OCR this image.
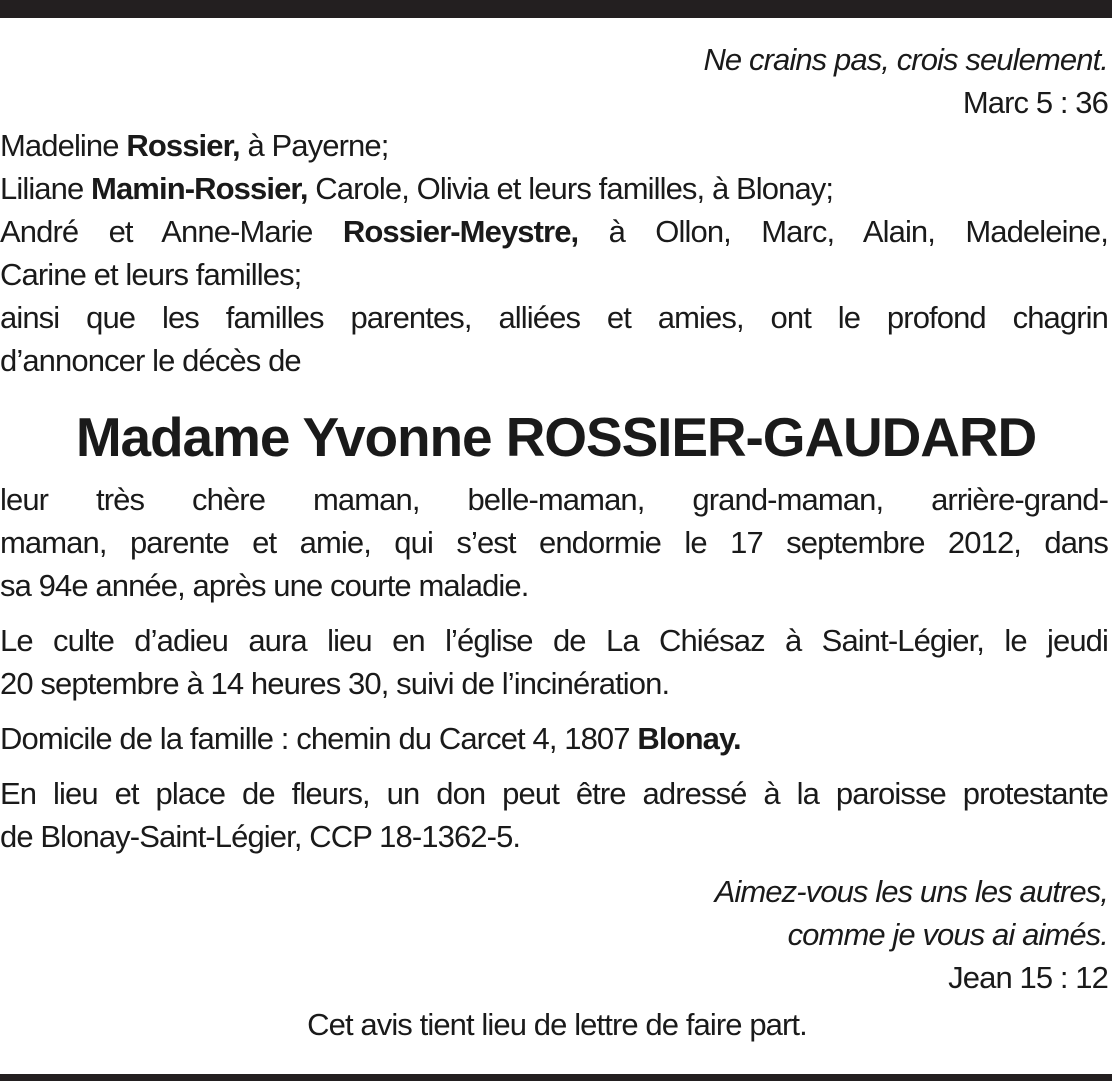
Ne crains pas, crois seulement.
Marc 5 : 36
Madeline Rossier, à Payerne;
Liliane Mamin-Rossier, Carole, Olivia et leurs familles, à Blonay;
André et Anne-Marie Rossier-Meystre, à Ollon, Marc, Alain, Madeleine,
Carine et leurs familles;
ainsi que les familles parentes, alliées et amies, ont le profond chagrin
d’annoncer le décès de
Madame Yvonne ROSSIER-GAUDARD
leur très chère maman, belle-maman, grand-maman, arrière-grand-
maman, parente et amie, qui s’est endormie le 17 septembre 2012, dans
sa 94e année, après une courte maladie.
Le culte d’adieu aura lieu en l’église de La Chiésaz à Saint-Légier, le jeudi
20 septembre à 14 heures 30, suivi de l’incinération.
Domicile de la famille : chemin du Carcet 4, 1807 Blonay.
En lieu et place de fleurs, un don peut être adressé à la paroisse protestante
de Blonay-Saint-Légier, CCP 18-1362-5.
Aimez-vous les uns les autres,
comme je vous ai aimés.
Jean 15 : 12
Cet avis tient lieu de lettre de faire part.
